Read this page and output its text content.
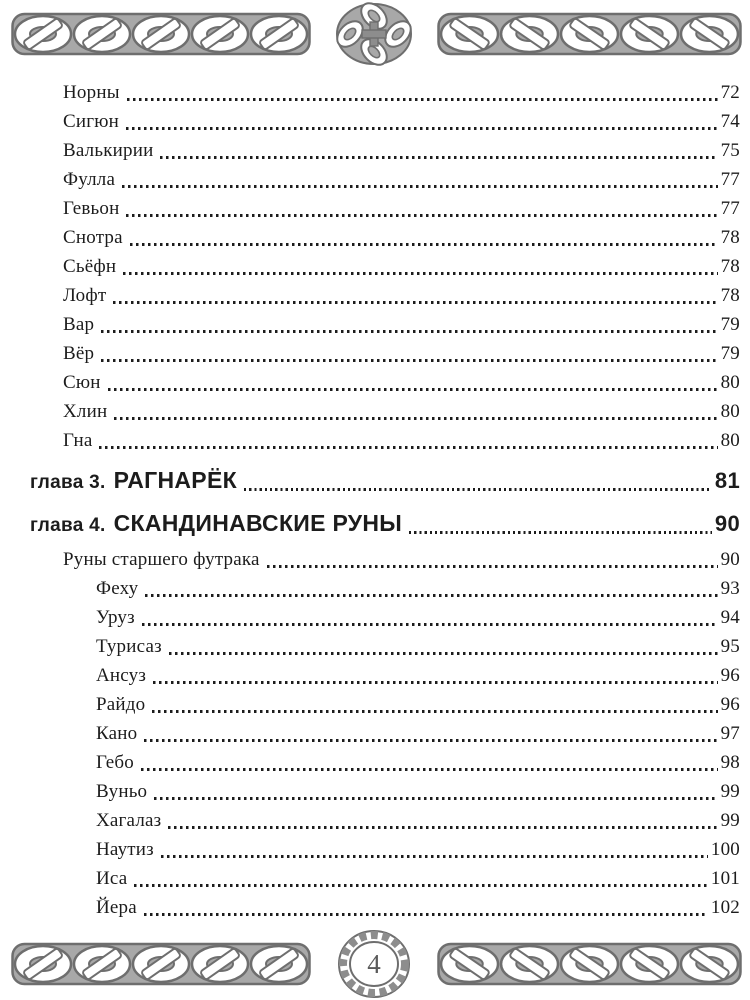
Норны	72
Сигюн	74
Валькирии	75
Фулла	77
Гевьон	77
Снотра	78
Сьёфн	78
Лофт	78
Вар	79
Вёр	79
Сюн	80
Хлин	80
Гна	80
глава 3. РАГНАРЁК	81
глава 4. СКАНДИНАВСКИЕ РУНЫ	90
Руны старшего футрака	90
Феху	93
Уруз	94
Турисаз	95
Ансуз	96
Райдо	96
Кано	97
Гебо	98
Вуньо	99
Хагалаз	99
Наутиз	100
Иса	101
Йера	102
4
